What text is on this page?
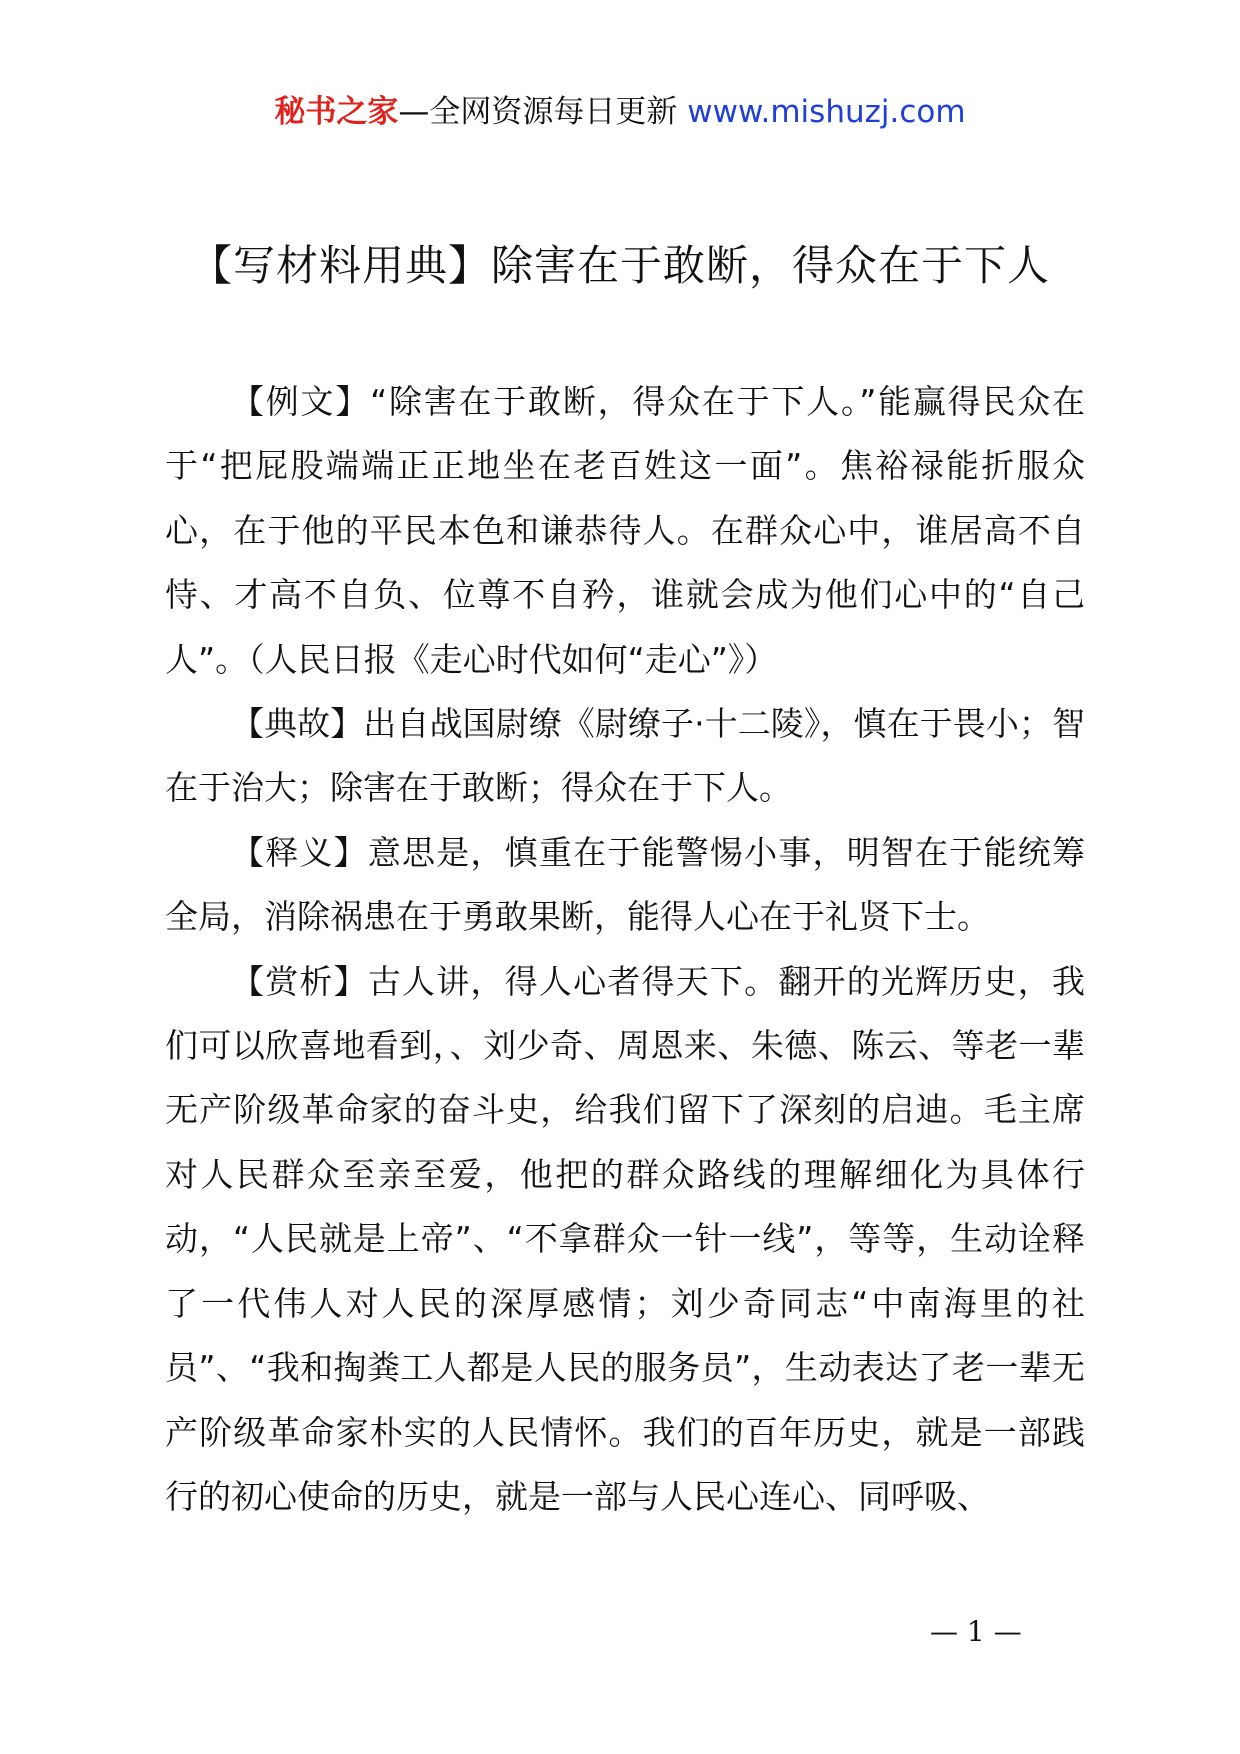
秘书之家—全网资源每日更新 www.mishuzj.com
【写材料用典】除害在于敢断，得众在于下人

【例文】“除害在于敢断，得众在于下人。”能赢得民众在于“把屁股端端正正地坐在老百姓这一面”。焦裕禄能折服众心，在于他的平民本色和谦恭待人。在群众心中，谁居高不自恃、才高不自负、位尊不自矜，谁就会成为他们心中的“自己人”。（人民日报《走心时代如何“走心”》）

【典故】出自战国尉缭《尉缭子·十二陵》，慎在于畏小；智在于治大；除害在于敢断；得众在于下人。

【释义】意思是，慎重在于能警惕小事，明智在于能统筹全局，消除祸患在于勇敢果断，能得人心在于礼贤下士。

【赏析】古人讲，得人心者得天下。翻开的光辉历史，我们可以欣喜地看到，、刘少奇、周恩来、朱德、陈云、等老一辈无产阶级革命家的奋斗史，给我们留下了深刻的启迪。毛主席对人民群众至亲至爱，他把的群众路线的理解细化为具体行动，“人民就是上帝”、“不拿群众一针一线”，等等，生动诠释了一代伟人对人民的深厚感情；刘少奇同志“中南海里的社员”、“我和掏粪工人都是人民的服务员”，生动表达了老一辈无产阶级革命家朴实的人民情怀。我们的百年历史，就是一部践行的初心使命的历史，就是一部与人民心连心、同呼吸、

— 1 —
